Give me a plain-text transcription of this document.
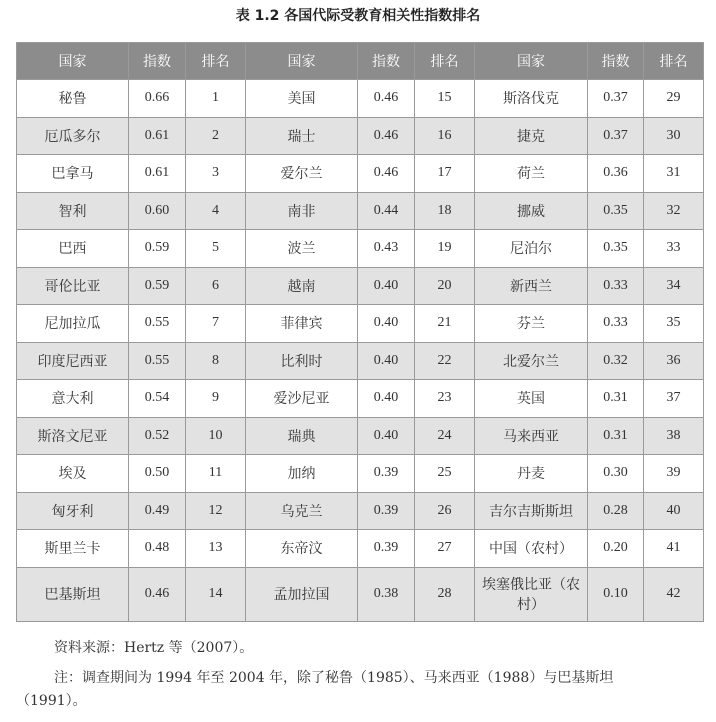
表 1.2 各国代际受教育相关性指数排名
国家	指数	排名	国家	指数	排名	国家	指数	排名
秘鲁	0.66	1	美国	0.46	15	斯洛伐克	0.37	29
厄瓜多尔	0.61	2	瑞士	0.46	16	捷克	0.37	30
巴拿马	0.61	3	爱尔兰	0.46	17	荷兰	0.36	31
智利	0.60	4	南非	0.44	18	挪威	0.35	32
巴西	0.59	5	波兰	0.43	19	尼泊尔	0.35	33
哥伦比亚	0.59	6	越南	0.40	20	新西兰	0.33	34
尼加拉瓜	0.55	7	菲律宾	0.40	21	芬兰	0.33	35
印度尼西亚	0.55	8	比利时	0.40	22	北爱尔兰	0.32	36
意大利	0.54	9	爱沙尼亚	0.40	23	英国	0.31	37
斯洛文尼亚	0.52	10	瑞典	0.40	24	马来西亚	0.31	38
埃及	0.50	11	加纳	0.39	25	丹麦	0.30	39
匈牙利	0.49	12	乌克兰	0.39	26	吉尔吉斯斯坦	0.28	40
斯里兰卡	0.48	13	东帝汶	0.39	27	中国（农村）	0.20	41
巴基斯坦	0.46	14	孟加拉国	0.38	28	埃塞俄比亚（农村）	0.10	42

资料来源：Hertz 等（2007）。

注：调查期间为 1994 年至 2004 年，除了秘鲁（1985）、马来西亚（1988）与巴基斯坦

（1991）。
